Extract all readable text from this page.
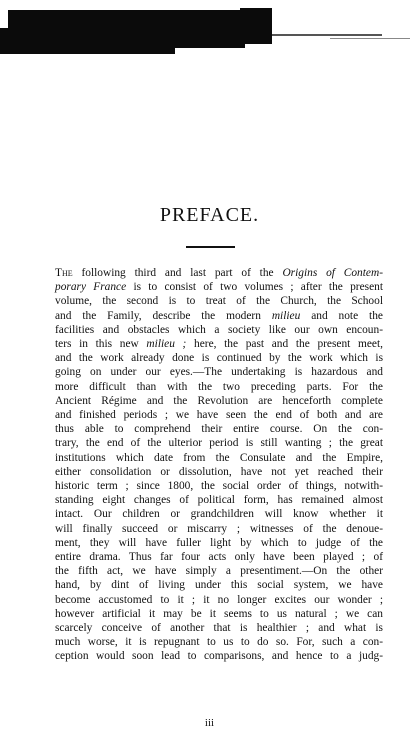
PREFACE.
The following third and last part of the Origins of Contem-
porary France is to consist of two volumes ; after the present
volume, the second is to treat of the Church, the School
and the Family, describe the modern milieu and note the
facilities and obstacles which a society like our own encoun-
ters in this new milieu ; here, the past and the present meet,
and the work already done is continued by the work which is
going on under our eyes.—The undertaking is hazardous and
more difficult than with the two preceding parts. For the
Ancient Régime and the Revolution are henceforth complete
and finished periods ; we have seen the end of both and are
thus able to comprehend their entire course. On the con-
trary, the end of the ulterior period is still wanting ; the great
institutions which date from the Consulate and the Empire,
either consolidation or dissolution, have not yet reached their
historic term ; since 1800, the social order of things, notwith-
standing eight changes of political form, has remained almost
intact. Our children or grandchildren will know whether it
will finally succeed or miscarry ; witnesses of the denoue-
ment, they will have fuller light by which to judge of the
entire drama. Thus far four acts only have been played ; of
the fifth act, we have simply a presentiment.—On the other
hand, by dint of living under this social system, we have
become accustomed to it ; it no longer excites our wonder ;
however artificial it may be it seems to us natural ; we can
scarcely conceive of another that is healthier ; and what is
much worse, it is repugnant to us to do so. For, such a con-
ception would soon lead to comparisons, and hence to a judg-
iii
